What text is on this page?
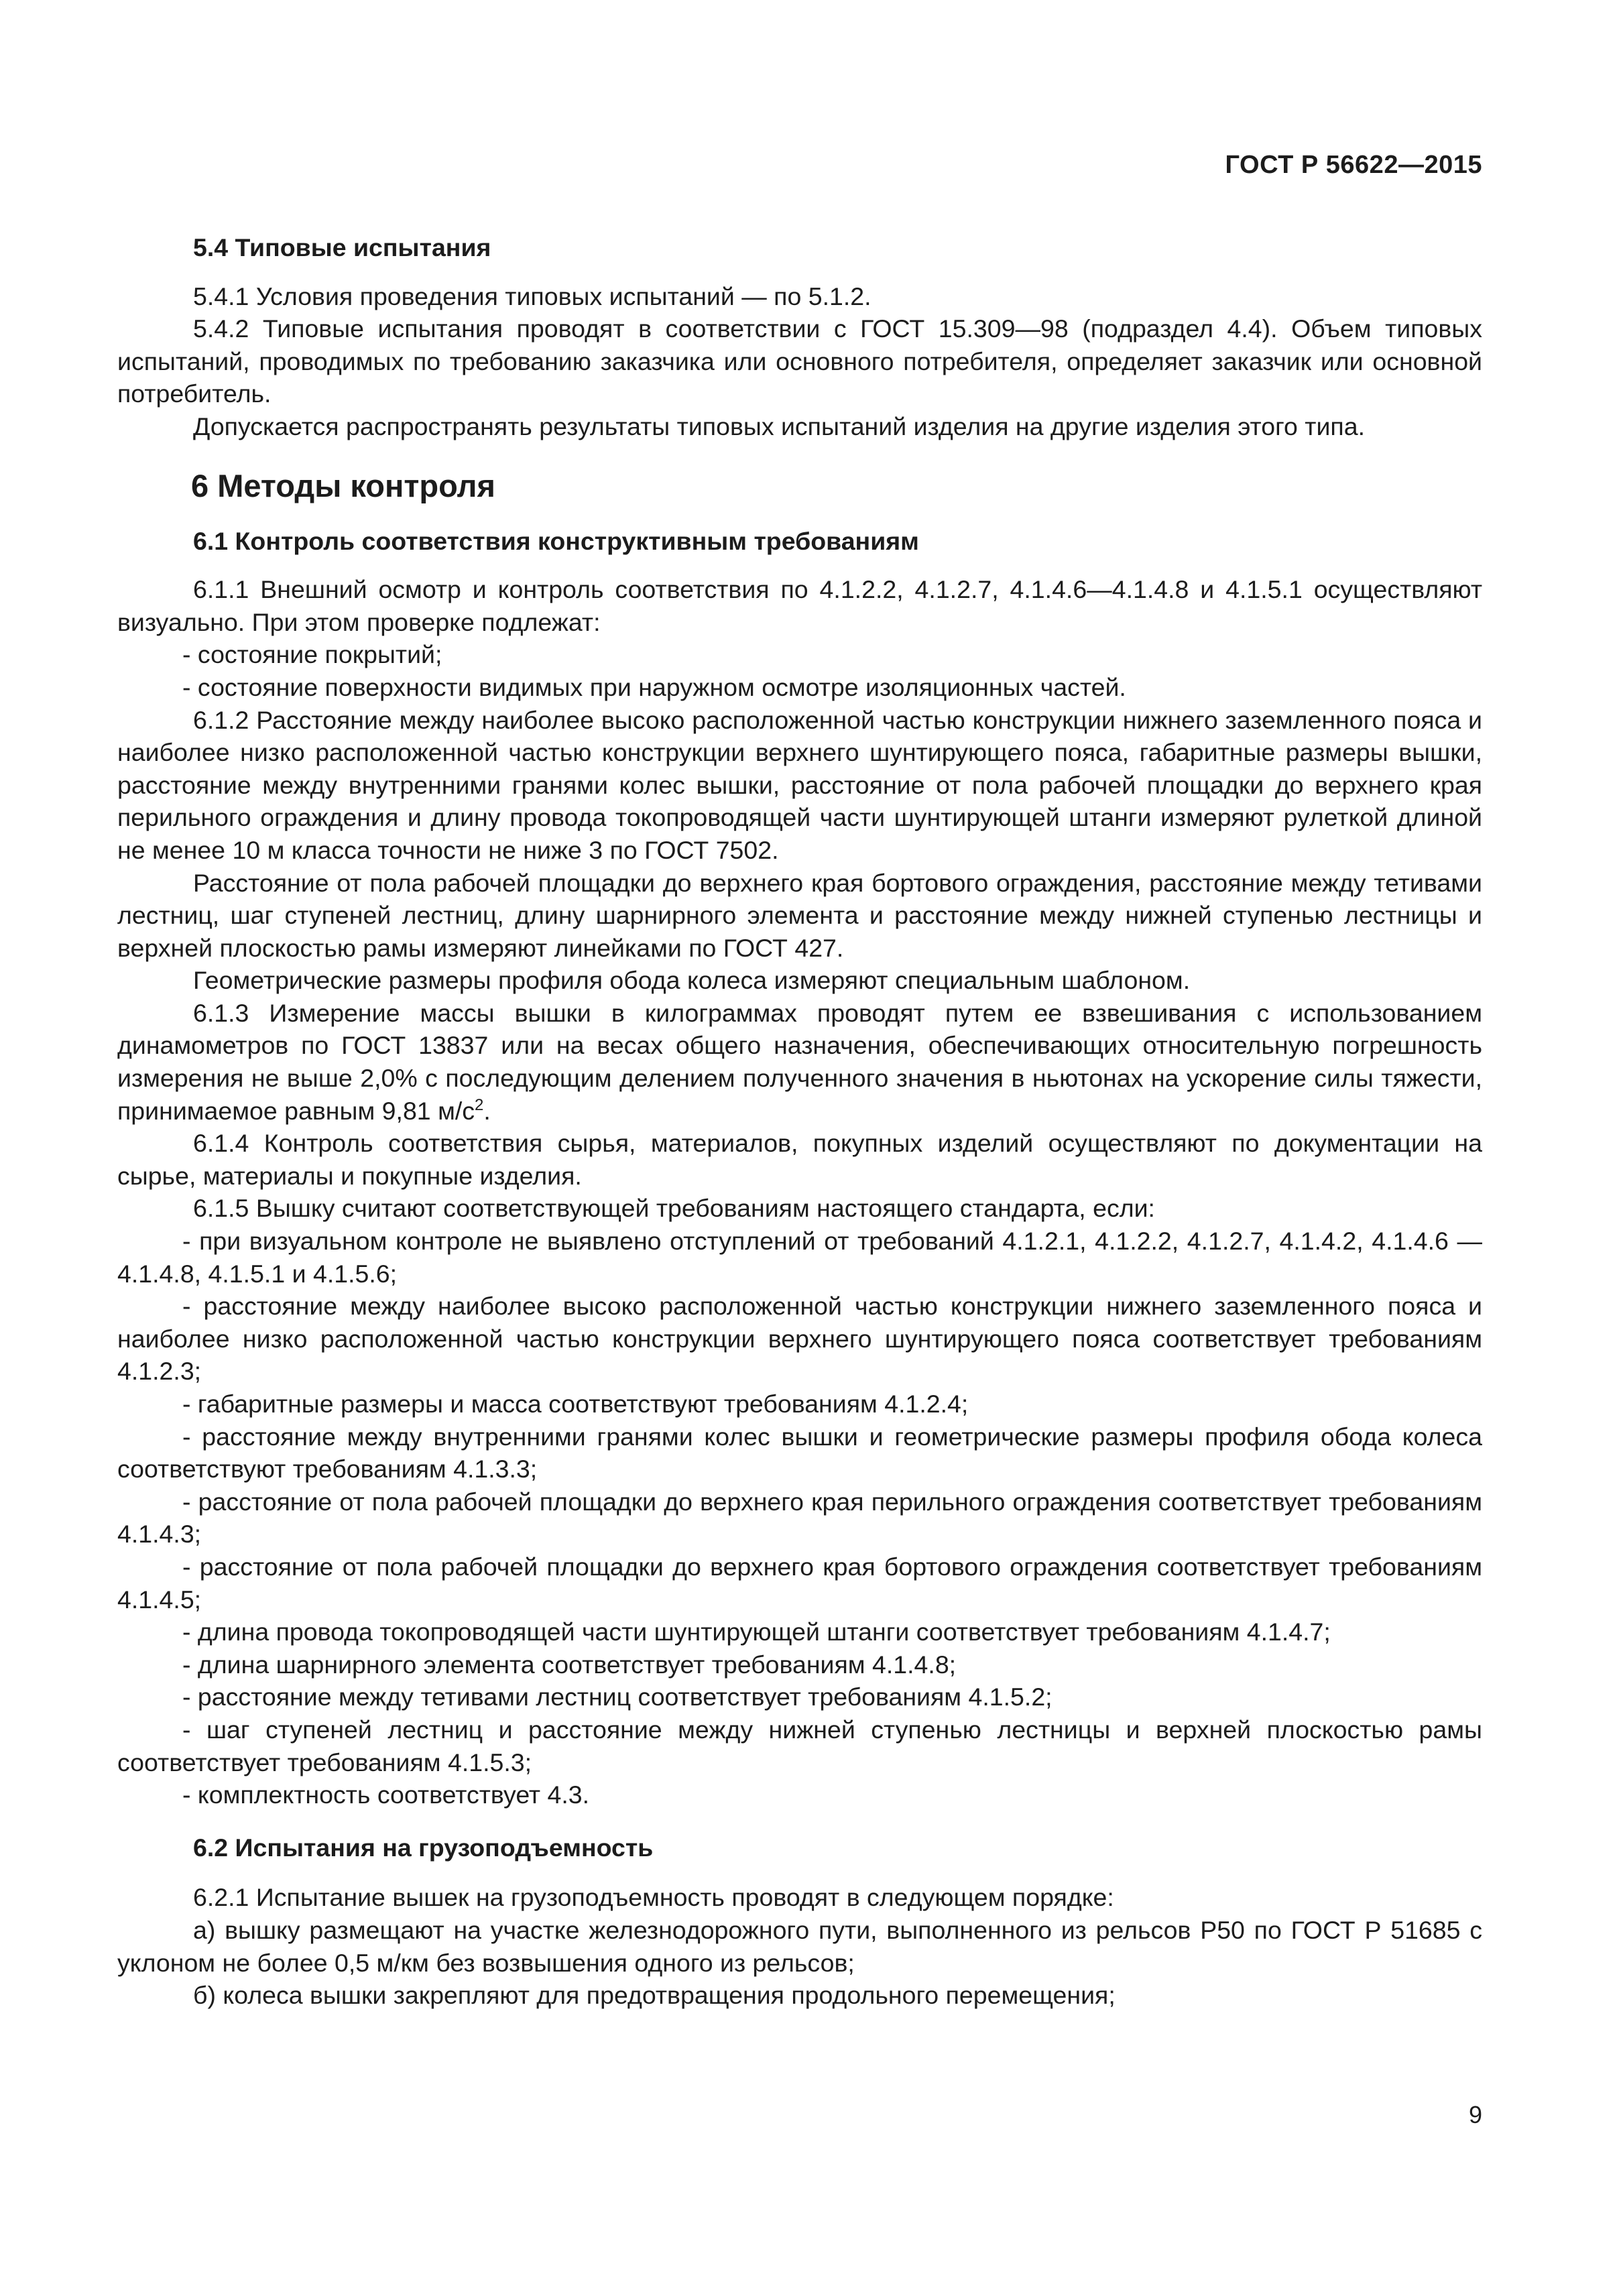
ГОСТ Р 56622—2015

5.4 Типовые испытания

5.4.1 Условия проведения типовых испытаний — по 5.1.2.

5.4.2 Типовые испытания проводят в соответствии с ГОСТ 15.309—98 (подраздел 4.4). Объем типовых испытаний, проводимых по требованию заказчика или основного потребителя, определяет заказчик или основной потребитель.

Допускается распространять результаты типовых испытаний изделия на другие изделия этого типа.

6 Методы контроля

6.1 Контроль соответствия конструктивным требованиям

6.1.1 Внешний осмотр и контроль соответствия по 4.1.2.2, 4.1.2.7, 4.1.4.6—4.1.4.8 и 4.1.5.1 осуществляют визуально. При этом проверке подлежат:

- состояние покрытий;

- состояние поверхности видимых при наружном осмотре изоляционных частей.

6.1.2 Расстояние между наиболее высоко расположенной частью конструкции нижнего заземленного пояса и наиболее низко расположенной частью конструкции верхнего шунтирующего пояса, габаритные размеры вышки, расстояние между внутренними гранями колес вышки, расстояние от пола рабочей площадки до верхнего края перильного ограждения и длину провода токопроводящей части шунтирующей штанги измеряют рулеткой длиной не менее 10 м класса точности не ниже 3 по ГОСТ 7502.

Расстояние от пола рабочей площадки до верхнего края бортового ограждения, расстояние между тетивами лестниц, шаг ступеней лестниц, длину шарнирного элемента и расстояние между нижней ступенью лестницы и верхней плоскостью рамы измеряют линейками по ГОСТ 427.

Геометрические размеры профиля обода колеса измеряют специальным шаблоном.

6.1.3 Измерение массы вышки в килограммах проводят путем ее взвешивания с использованием динамометров по ГОСТ 13837 или на весах общего назначения, обеспечивающих относительную погрешность измерения не выше 2,0% с последующим делением полученного значения в ньютонах на ускорение силы тяжести, принимаемое равным 9,81 $м/с^2$.

6.1.4 Контроль соответствия сырья, материалов, покупных изделий осуществляют по документации на сырье, материалы и покупные изделия.

6.1.5 Вышку считают соответствующей требованиям настоящего стандарта, если:

- при визуальном контроле не выявлено отступлений от требований 4.1.2.1, 4.1.2.2, 4.1.2.7, 4.1.4.2, 4.1.4.6 — 4.1.4.8, 4.1.5.1 и 4.1.5.6;

- расстояние между наиболее высоко расположенной частью конструкции нижнего заземленного пояса и наиболее низко расположенной частью конструкции верхнего шунтирующего пояса соответствует требованиям 4.1.2.3;

- габаритные размеры и масса соответствуют требованиям 4.1.2.4;

- расстояние между внутренними гранями колес вышки и геометрические размеры профиля обода колеса соответствуют требованиям 4.1.3.3;

- расстояние от пола рабочей площадки до верхнего края перильного ограждения соответствует требованиям 4.1.4.3;

- расстояние от пола рабочей площадки до верхнего края бортового ограждения соответствует требованиям 4.1.4.5;

- длина провода токопроводящей части шунтирующей штанги соответствует требованиям 4.1.4.7;

- длина шарнирного элемента соответствует требованиям 4.1.4.8;

- расстояние между тетивами лестниц соответствует требованиям 4.1.5.2;

- шаг ступеней лестниц и расстояние между нижней ступенью лестницы и верхней плоскостью рамы соответствует требованиям 4.1.5.3;

- комплектность соответствует 4.3.

6.2 Испытания на грузоподъемность

6.2.1 Испытание вышек на грузоподъемность проводят в следующем порядке:

а) вышку размещают на участке железнодорожного пути, выполненного из рельсов Р50 по ГОСТ Р 51685 с уклоном не более 0,5 м/км без возвышения одного из рельсов;

б) колеса вышки закрепляют для предотвращения продольного перемещения;

9
